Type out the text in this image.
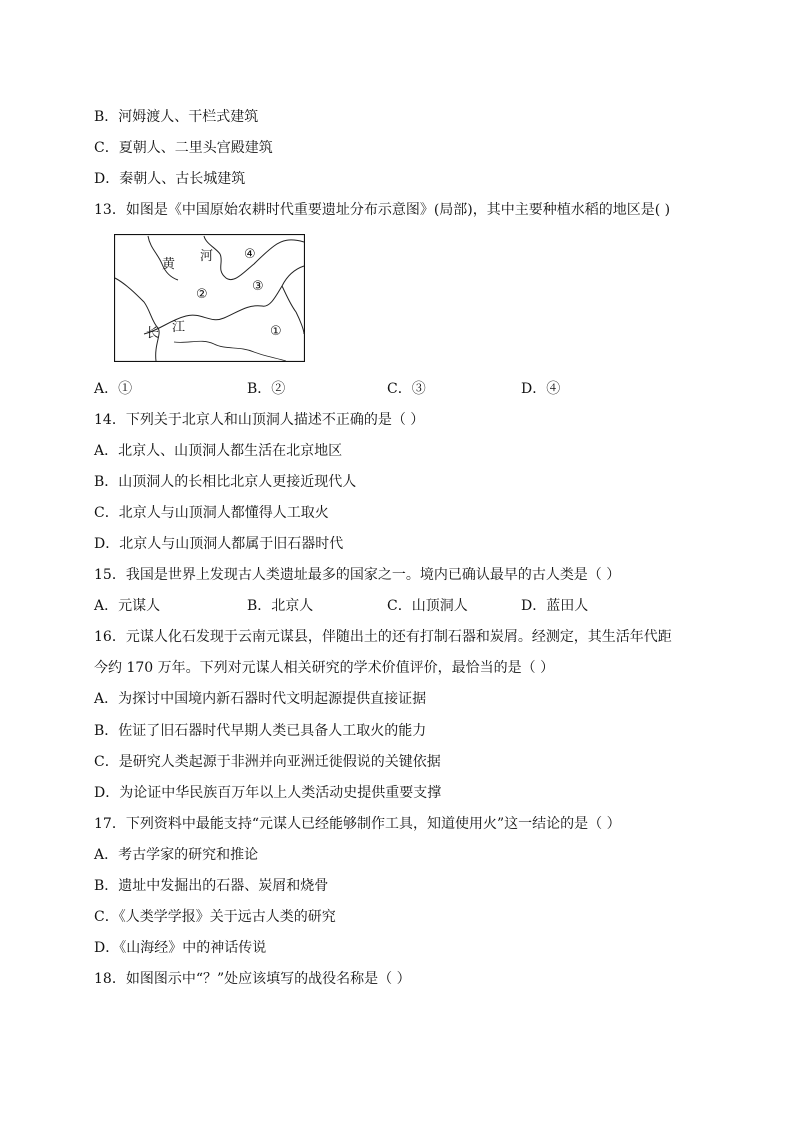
B．河姆渡人、干栏式建筑
C．夏朝人、二里头宫殿建筑
D．秦朝人、古长城建筑
13．如图是《中国原始农耕时代重要遗址分布示意图》(局部)，其中主要种植水稻的地区是( )
黄
河
长 江	①
②
③
④
A．①	B．②	C．③	D．④
14．下列关于北京人和山顶洞人描述不正确的是（ ）
A．北京人、山顶洞人都生活在北京地区
B．山顶洞人的长相比北京人更接近现代人
C．北京人与山顶洞人都懂得人工取火
D．北京人与山顶洞人都属于旧石器时代
15．我国是世界上发现古人类遗址最多的国家之一。境内已确认最早的古人类是（ ）
A．元谋人	B．北京人	C．山顶洞人	D．蓝田人
16．元谋人化石发现于云南元谋县，伴随出土的还有打制石器和炭屑。经测定，其生活年代距
今约 170 万年。下列对元谋人相关研究的学术价值评价，最恰当的是（ ）
A．为探讨中国境内新石器时代文明起源提供直接证据
B．佐证了旧石器时代早期人类已具备人工取火的能力
C．是研究人类起源于非洲并向亚洲迁徙假说的关键依据
D．为论证中华民族百万年以上人类活动史提供重要支撑
17．下列资料中最能支持“元谋人已经能够制作工具，知道使用火”这一结论的是（ ）
A．考古学家的研究和推论
B．遗址中发掘出的石器、炭屑和烧骨
C．《人类学学报》关于远古人类的研究
D．《山海经》中的神话传说
18．如图图示中“？”处应该填写的战役名称是（ ）
